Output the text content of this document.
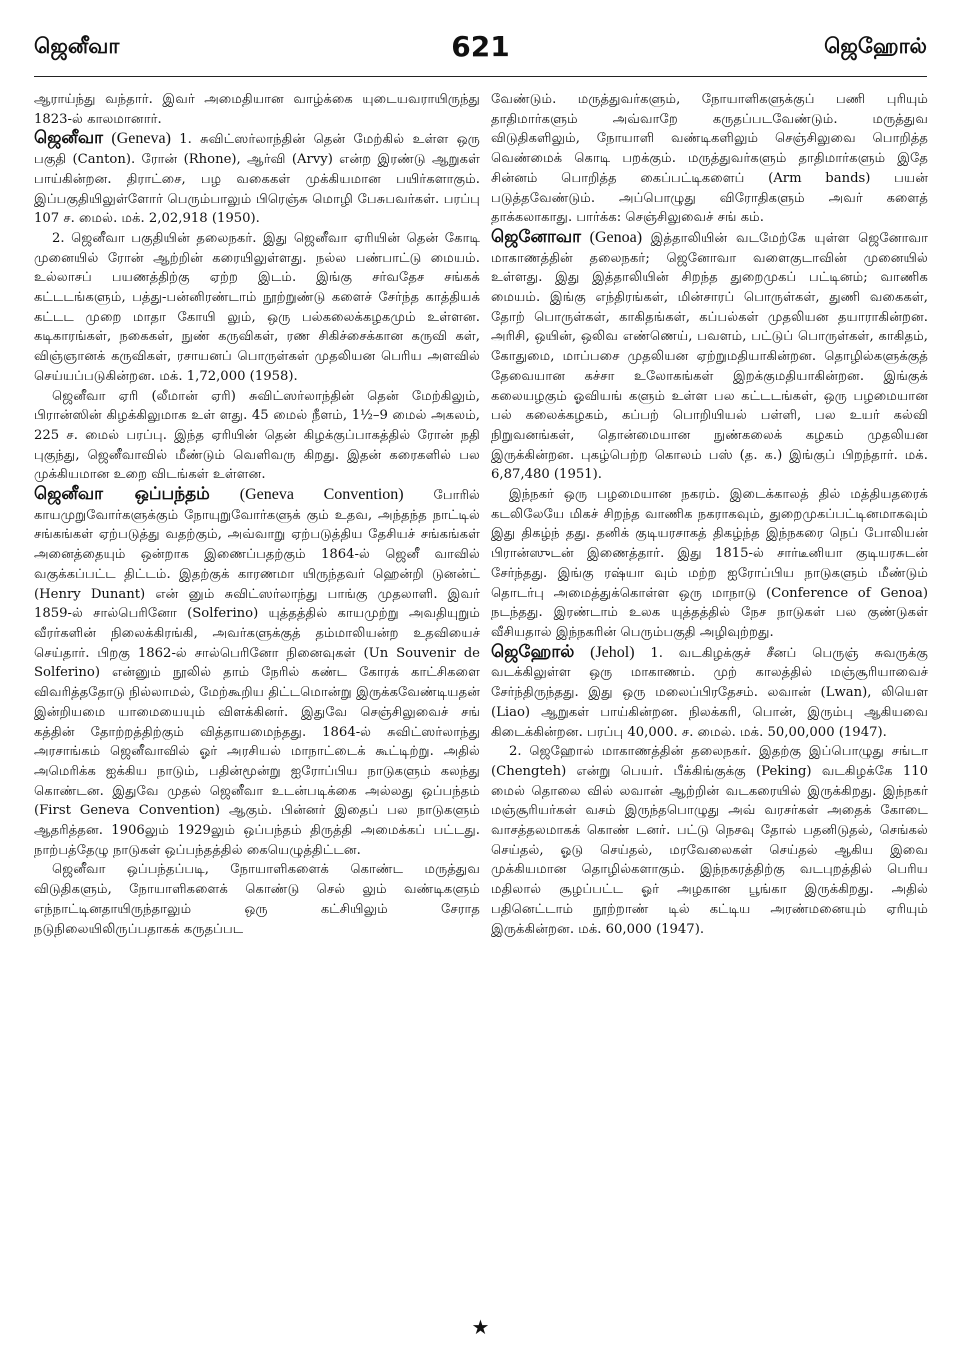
ஜெனீவா	621	ஜெஹோல்

ஆராய்ந்து வந்தார். இவர் அமைதியான வாழ்க்கை யுடையவராயிருந்து 1823-ல் காலமானார்.

ஜெனீவா (Geneva) 1. சுவிட்ஸர்லாந்தின் தென் மேற்கில் உள்ள ஒரு பகுதி (Canton). ரோன் (Rhone), ஆர்வி (Arvy) என்ற இரண்டு ஆறுகள் பாய்கின்றன. திராட்சை, பழ வகைகள் முக்கியமான பயிர்களாகும். இப்பகுதியிலுள்ளோர் பெரும்பாலும் பிரெஞ்சு மொழி பேசுபவர்கள். பரப்பு 107 ச. மைல். மக். 2,02,918 (1950).

2. ஜெனீவா பகுதியின் தலைநகர். இது ஜெனீவா ஏரியின் தென் கோடி முனையில் ரோன் ஆற்றின் கரையிலுள்ளது. நல்ல பண்பாட்டு மையம். உல்லாசப் பயணத்திற்கு ஏற்ற இடம். இங்கு சர்வதேச சங்கக் கட்டடங்களும், பத்து-பன்னிரண்டாம் நூற்றுண்டு களைச் சேர்ந்த காத்தியக் கட்டட முறை மாதா கோயி லும், ஒரு பல்கலைக்கழகமும் உள்ளன. கடிகாரங்கள், நகைகள், நுண் கருவிகள், ரண சிகிச்சைக்கான கருவி கள், விஞ்ஞானக் கருவிகள், ரசாயனப் பொருள்கள் முதலியன பெரிய அளவில் செய்யப்படுகின்றன. மக். 1,72,000 (1958).

ஜெனீவா ஏரி (லீமான் ஏரி) சுவிட்ஸர்லாந்தின் தென் மேற்கிலும், பிரான்ஸின் கிழக்கிலுமாக உள் ளது. 45 மைல் நீளம், 1½–9 மைல் அகலம், 225 ச. மைல் பரப்பு. இந்த ஏரியின் தென் கிழக்குப்பாகத்தில் ரோன் நதி புகுந்து, ஜெனீவாவில் மீண்டும் வெளிவரு கிறது. இதன் கரைகளில் பல முக்கியமான உறை விடங்கள் உள்ளன.

ஜெனீவா ஒப்பந்தம் (Geneva Convention) போரில் காயமுறுவோர்களுக்கும் நோயுறுவோர்களுக் கும் உதவ, அந்தந்த நாட்டில் சங்கங்கள் ஏற்படுத்து வதற்கும், அவ்வாறு ஏற்படுத்திய தேசியச் சங்கங்கள் அனைத்தையும் ஒன்றாக இணைப்பதற்கும் 1864-ல் ஜெனீ வாவில் வகுக்கப்பட்ட திட்டம். இதற்குக் காரணமா யிருந்தவர் ஹென்றி டுனன்ட் (Henry Dunant) என் னும் சுவிட்ஸர்லாந்து பாங்கு முதலாளி. இவர் 1859-ல் சால்பெரினோ (Solferino) யுத்தத்தில் காயமுற்று அவதியுறும் வீரர்களின் நிலைக்கிரங்கி, அவர்களுக்குத் தம்மாலியன்ற உதவியைச் செய்தார். பிறகு 1862-ல் சால்பெரினோ நினைவுகள் (Un Souvenir de Solferino) என்னும் நூலில் தாம் நேரில் கண்ட கோரக் காட்சிகளை விவரித்ததோடு நில்லாமல், மேற்கூறிய திட்டமொன்று இருக்கவேண்டியதன் இன்றியமை யாமையையும் விளக்கினர். இதுவே செஞ்சிலுவைச் சங் கத்தின் தோற்றத்திற்கும் வித்தாயமைந்தது. 1864-ல் சுவிட்ஸர்லாந்து அரசாங்கம் ஜெனீவாவில் ஓர் அரசியல் மாநாட்டைக் கூட்டிற்று. அதில் அமெரிக்க ஐக்கிய நாடும், பதின்மூன்று ஐரோப்பிய நாடுகளும் கலந்து கொண்டன. இதுவே முதல் ஜெனீவா உடன்படிக்கை அல்லது ஒப்பந்தம் (First Geneva Convention) ஆகும். பின்னர் இதைப் பல நாடுகளும் ஆதரித்தன. 1906லும் 1929லும் ஒப்பந்தம் திருத்தி அமைக்கப் பட்டது. நாற்பத்தேழு நாடுகள் ஒப்பந்தத்தில் கையெழுத்திட்டன.

ஜெனீவா ஒப்பந்தப்படி, நோயாளிகளைக் கொண்ட மருத்துவ விடுதிகளும், நோயாளிகளைக் கொண்டு செல் லும் வண்டிகளும் எந்நாட்டினதாயிருந்தாலும் ஒரு கட்சியிலும் சேராத நடுநிலையிலிருப்பதாகக் கருதப்பட

வேண்டும். மருத்துவர்களும், நோயாளிகளுக்குப் பணி புரியும் தாதிமார்களும் அவ்வாறே கருதப்படவேண்டும். மருத்துவ விடுதிகளிலும், நோயாளி வண்டிகளிலும் செஞ்சிலுவை பொறித்த வெண்மைக் கொடி பறக்கும். மருத்துவர்களும் தாதிமார்களும் இதே சின்னம் பொறித்த கைப்பட்டிகளைப் (Arm bands) பயன் படுத்தவேண்டும். அப்பொழுது விரோதிகளும் அவர் களைத் தாக்கலாகாது. பார்க்க: செஞ்சிலுவைச் சங் கம்.

ஜெனோவா (Genoa) இத்தாலியின் வடமேற்கே யுள்ள ஜெனோவா மாகாணத்தின் தலைநகர்; ஜெனோவா வளைகுடாவின் முனையில் உள்ளது. இது இத்தாலியின் சிறந்த துறைமுகப் பட்டினம்; வாணிக மையம். இங்கு எந்திரங்கள், மின்சாரப் பொருள்கள், துணி வகைகள், தோற் பொருள்கள், காகிதங்கள், கப்பல்கள் முதலியன தயாராகின்றன. அரிசி, ஒயின், ஒலிவ எண்ணெய், பவளம், பட்டுப் பொருள்கள், காகிதம், கோதுமை, மாப்பசை முதலியன ஏற்றுமதியாகின்றன. தொழில்களுக்குத் தேவையான கச்சா உலோகங்கள் இறக்குமதியாகின்றன. இங்குக் கலையழகும் ஓவியங் களும் உள்ள பல கட்டடங்கள், ஒரு பழமையான பல் கலைக்கழகம், கப்பற் பொறியியல் பள்ளி, பல உயர் கல்வி நிறுவனங்கள், தொன்மையான நுண்கலைக் கழகம் முதலியன இருக்கின்றன. புகழ்பெற்ற கொலம் பஸ் (த. க.) இங்குப் பிறந்தார். மக். 6,87,480 (1951).

இந்நகர் ஒரு பழமையான நகரம். இடைக்காலத் தில் மத்தியதரைக் கடலிலேயே மிகச் சிறந்த வாணிக நகராகவும், துறைமுகப்பட்டினமாகவும் இது திகழ்ந் தது. தனிக் குடியரசாகத் திகழ்ந்த இந்நகரை நெப் போலியன் பிரான்ஸுடன் இணைத்தார். இது 1815-ல் சார்டீனியா குடியரசுடன் சேர்ந்தது. இங்கு ரஷ்யா வும் மற்ற ஐரோப்பிய நாடுகளும் மீண்டும் தொடர்பு அமைத்துக்கொள்ள ஒரு மாநாடு (Conference of Genoa) நடந்தது. இரண்டாம் உலக யுத்தத்தில் நேச நாடுகள் பல குண்டுகள் வீசியதால் இந்நகரின் பெரும்பகுதி அழிவுற்றது.

ஜெஹோல் (Jehol) 1. வடகிழக்குச் சீனப் பெருஞ் சுவருக்கு வடக்கிலுள்ள ஒரு மாகாணம். முற் காலத்தில் மஞ்சூரியாவைச் சேர்ந்திருந்தது. இது ஒரு மலைப்பிரதேசம். லவான் (Lwan), லியெள (Liao) ஆறுகள் பாய்கின்றன. நிலக்கரி, பொன், இரும்பு ஆகியவை கிடைக்கின்றன. பரப்பு 40,000. ச. மைல். மக். 50,00,000 (1947).

2. ஜெஹோல் மாகாணத்தின் தலைநகர். இதற்கு இப்பொழுது சங்டா (Chengteh) என்று பெயர். பீக்கிங்குக்கு (Peking) வடகிழக்கே 110 மைல் தொலை வில் லவான் ஆற்றின் வடகரையில் இருக்கிறது. இந்நகர் மஞ்சூரியர்கள் வசம் இருந்தபொழுது அவ் வரசர்கள் அதைக் கோடை வாசத்தலமாகக் கொண் டனர். பட்டு நெசவு தோல் பதனிடுதல், செங்கல் செய்தல், ஓடு செய்தல், மரவேலைகள் செய்தல் ஆகிய இவை முக்கியமான தொழில்களாகும். இந்நகரத்திற்கு வடபுறத்தில் பெரிய மதிலால் சூழப்பட்ட ஓர் அழகான பூங்கா இருக்கிறது. அதில் பதினெட்டாம் நூற்றாண் டில் கட்டிய அரண்மனையும் ஏரியும் இருக்கின்றன. மக். 60,000 (1947).

★
